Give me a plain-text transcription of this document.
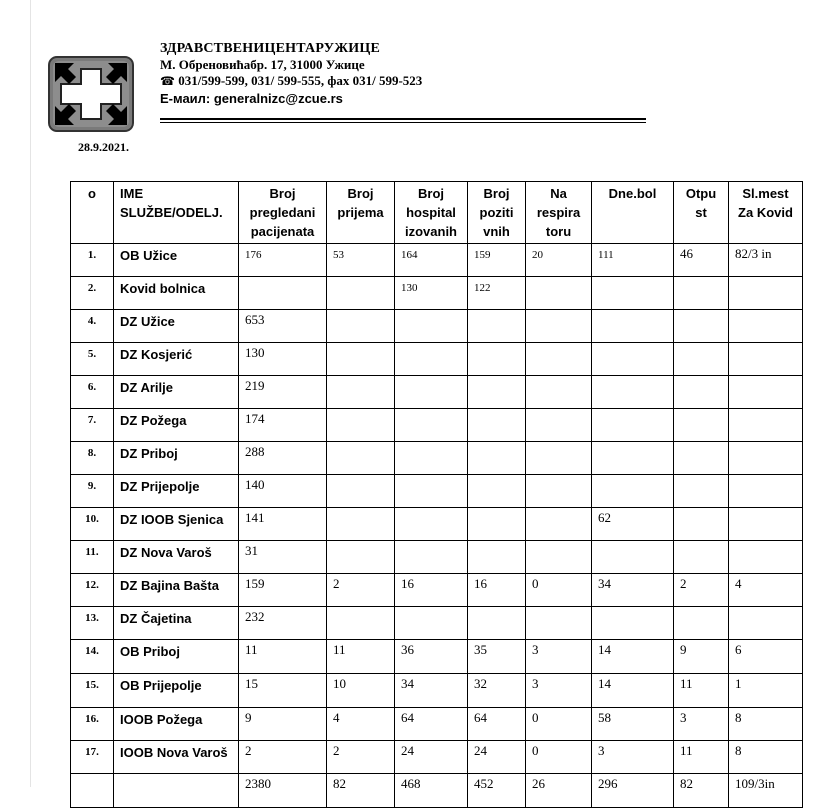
ЗДРАВСТВЕНИЦЕНТАРУЖИЦЕ
М. Обреновићабр. 17, 31000 Ужице
☎ 031/599-599, 031/ 599-555, фах 031/ 599-523
Е-маил: generalnizc@zcue.rs
28.9.2021.
o	IME SLUŽBE/ODELJ.	Broj pregledani pacijenata	Broj prijema	Broj hospital izovanih	Broj poziti vnih	Na respira toru	Dne.bol	Otpu st	Sl.mest Za Kovid
1.	OB Užice	176	53	164	159	20	111	46	82/3 in
2.	Kovid bolnica			130	122				
4.	DZ Užice	653							
5.	DZ Kosjerić	130							
6.	DZ Arilje	219							
7.	DZ Požega	174							
8.	DZ Priboj	288							
9.	DZ Prijepolje	140							
10.	DZ IOOB Sjenica	141					62		
11.	DZ Nova Varoš	31							
12.	DZ Bajina Bašta	159	2	16	16	0	34	2	4
13.	DZ Čajetina	232							
14.	OB Priboj	11	11	36	35	3	14	9	6
15.	OB Prijepolje	15	10	34	32	3	14	11	1
16.	IOOB Požega	9	4	64	64	0	58	3	8
17.	IOOB Nova Varoš	2	2	24	24	0	3	11	8
		2380	82	468	452	26	296	82	109/3in
